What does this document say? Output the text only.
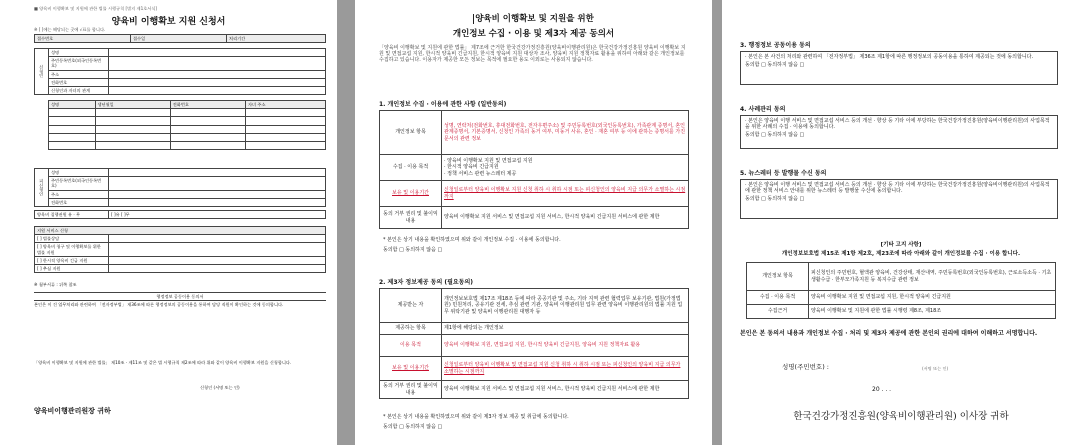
■ 양육비 이행확보 및 지원에 관한 법률 시행규칙 [별지 제1호서식]
양육비 이행확보 지원 신청서
※ [ ]에는 해당되는 곳에 √표를 합니다.
접수번호	접수일	처리기간
신청인	성명	
	주민등록번호(외국인등록번호)	
	주소	
	전화번호	
	신청인과 자녀의 관계	
성명	생년월일	전화번호	자녀 주소

피신청인	성명	
	주민등록번호(외국인등록번호)	
	주소	
	전화번호	
양육비 집행권원 유 · 무	[ ]유 [ ]무
지원 서비스 신청	
[ ] 법률상담	
[ ] 양육비 청구 및 이행확보를 위한 법률 지원	
[ ] 한시적 양육비 긴급 지원	
[ ] 추심 지원	
※ 첨부서류 : 뒤쪽 참조
행정정보 공동이용 동의서
본인은 이 건 업무처리와 관련하여 「전자정부법」 제36조에 따른 행정정보의 공동이용을 통하여 담당 직원이 확인하는 것에 동의합니다.
「양육비 이행확보 및 지원에 관한 법률」 제10조 · 제11조 및 같은 법 시행규칙 제2조에 따라 위와 같이 양육비 이행확보 지원을 신청합니다.
신청인 (서명 또는 인)
양육비이행관리원장 귀하
양육비 이행확보 및 지원을 위한
개인정보 수집 · 이용 및 제3자 제공 동의서
「양육비 이행확보 및 지원에 관한 법률」 제7조에 근거한 한국건강가정진흥원(양육비이행관리원)은 한국건강가정진흥원 양육비 이행확보 지원 및 면접교섭 지원, 한시적 양육비 긴급지원, 한시적 양육비 지원 대상자 조사, 양육비 지원 정책자료 활용을 위하여 아래와 같은 개인정보를 수집하고 있습니다. 이용자가 제공한 모든 정보는 목적에 필요한 용도 이외로는 사용되지 않습니다.
1. 개인정보 수집 · 이용에 관한 사항 (일반동의)
개인정보 항목	성명, 연락처(전화번호, 휴대전화번호, 전자우편주소) 및 주민등록번호(외국인등록번호), 가족관계 증명서, 혼인관계증명서, 기본증명서, 신청인 가족의 동거 여부, 미동거 사유, 혼인 · 재혼 여부 등 이에 관하는 증명서를 가진 문서의 관련 정보
수집 · 이용 목적	· 양육비 이행확보 지원 및 면접교섭 지원
· 한시적 양육비 긴급지원
· 정책 서비스 관련 뉴스레터 제공
보유 및 이용기간	신청일로부터 양육비 이행확보 지원 신청 취하 시 취하 시점 또는 피신청인의 양육비 지급 의무가 소멸하는 시점까지
동의 거부 권리 및 불이익 내용	양육비 이행확보 지원 서비스 및 면접교섭 지원 서비스, 한시적 양육비 긴급지원 서비스에 관한 제한
* 본인은 상기 내용을 확인하였으며 위와 같이 개인정보 수집 · 이용에 동의합니다.
동의함 □ 동의하지 않음 □
2. 제3자 정보제공 동의 (필요동의)
제공받는 자	개인정보보호법 제17조 제18조 등에 따라 공공기관 및 주소, 기타 지역 관련 협력업무 보유기관, 법원(가정법원) 민원처리, 공유기관 전세, 추심 관련 기관, 양육비 이행관리원 업무 관련 양육비 이행관리원의 법률 지원 업무 위탁기관 및 양육비 이행관리원 대행자 등
제공하는 항목	제1항에 해당되는 개인정보
이용 목적	양육비 이행확보 지원, 면접교섭 지원, 한시적 양육비 긴급지원, 양육비 지원 정책자료 활용
보유 및 이용기간	신청일로부터 양육비 이행확보 및 면접교섭 지원 신청 취하 시 취하 시점 또는 피신청인의 양육비 지급 의무가 소멸하는 시점까지
동의 거부 권리 및 불이익 내용	양육비 이행확보 지원 서비스 및 면접교섭 지원 서비스, 한시적 양육비 긴급지원 서비스에 관한 제한
* 본인은 상기 내용을 확인하였으며 위와 같이 제3자 정보 제공 및 취급에 동의합니다.
동의함 □ 동의하지 않음 □
3. 행정정보 공동이용 동의
· 본인은 본 사건의 처리와 관련하여 「전자정부법」 제36조 제1항에 따른 행정정보의 공동이용을 통하여 제공되는 것에 동의합니다.
동의함 □ 동의하지 않음 □
4. 사례관리 동의
· 본인은 양육비 이행 서비스 및 면접교섭 서비스 등의 개선 · 향상 등 기타 이에 부당하는 한국건강가정진흥원(양육비이행관리원)의 사업목적을 위한 사례의 수집 · 이용에 동의합니다.
동의함 □ 동의하지 않음 □
5. 뉴스레터 등 발행물 수신 동의
· 본인은 양육비 이행 서비스 및 면접교섭 서비스 등의 개선 · 향상 등 기타 이에 부당하는 한국건강가정진흥원(양육비이행관리원)의 사업목적에 관한 정책 서비스 안내를 위한 뉴스레터 등 발행물 수신에 동의합니다.
동의함 □ 동의하지 않음 □
[기타 고지 사항]
개인정보보호법 제15조 제1항 제2호, 제23조에 따라 아래와 같이 개인정보를 수집 · 이용 합니다.
개인정보 항목	피신청인의 주민번호, 혈액관 양육비, 건강상태, 재산내역, 주민등록번호(외국인등록번호), 근로소득소득 · 기초생활수급 · 한부모가족지원 등 복지수급 관련 정보
수집 · 이용 목적	양육비 이행확보 지원 및 면접교섭 지원, 한시적 양육비 긴급지원
수집근거	양육비 이행확보 및 지원에 관한 법률 시행령 제8조, 제18조
본인은 본 동의서 내용과 개인정보 수집 · 처리 및 제3자 제공에 관한 본인의 권리에 대하여 이해하고 서명합니다.
성명(주민번호) :	(서명 또는 인)
20 . . .
한국건강가정진흥원(양육비이행관리원) 이사장 귀하
